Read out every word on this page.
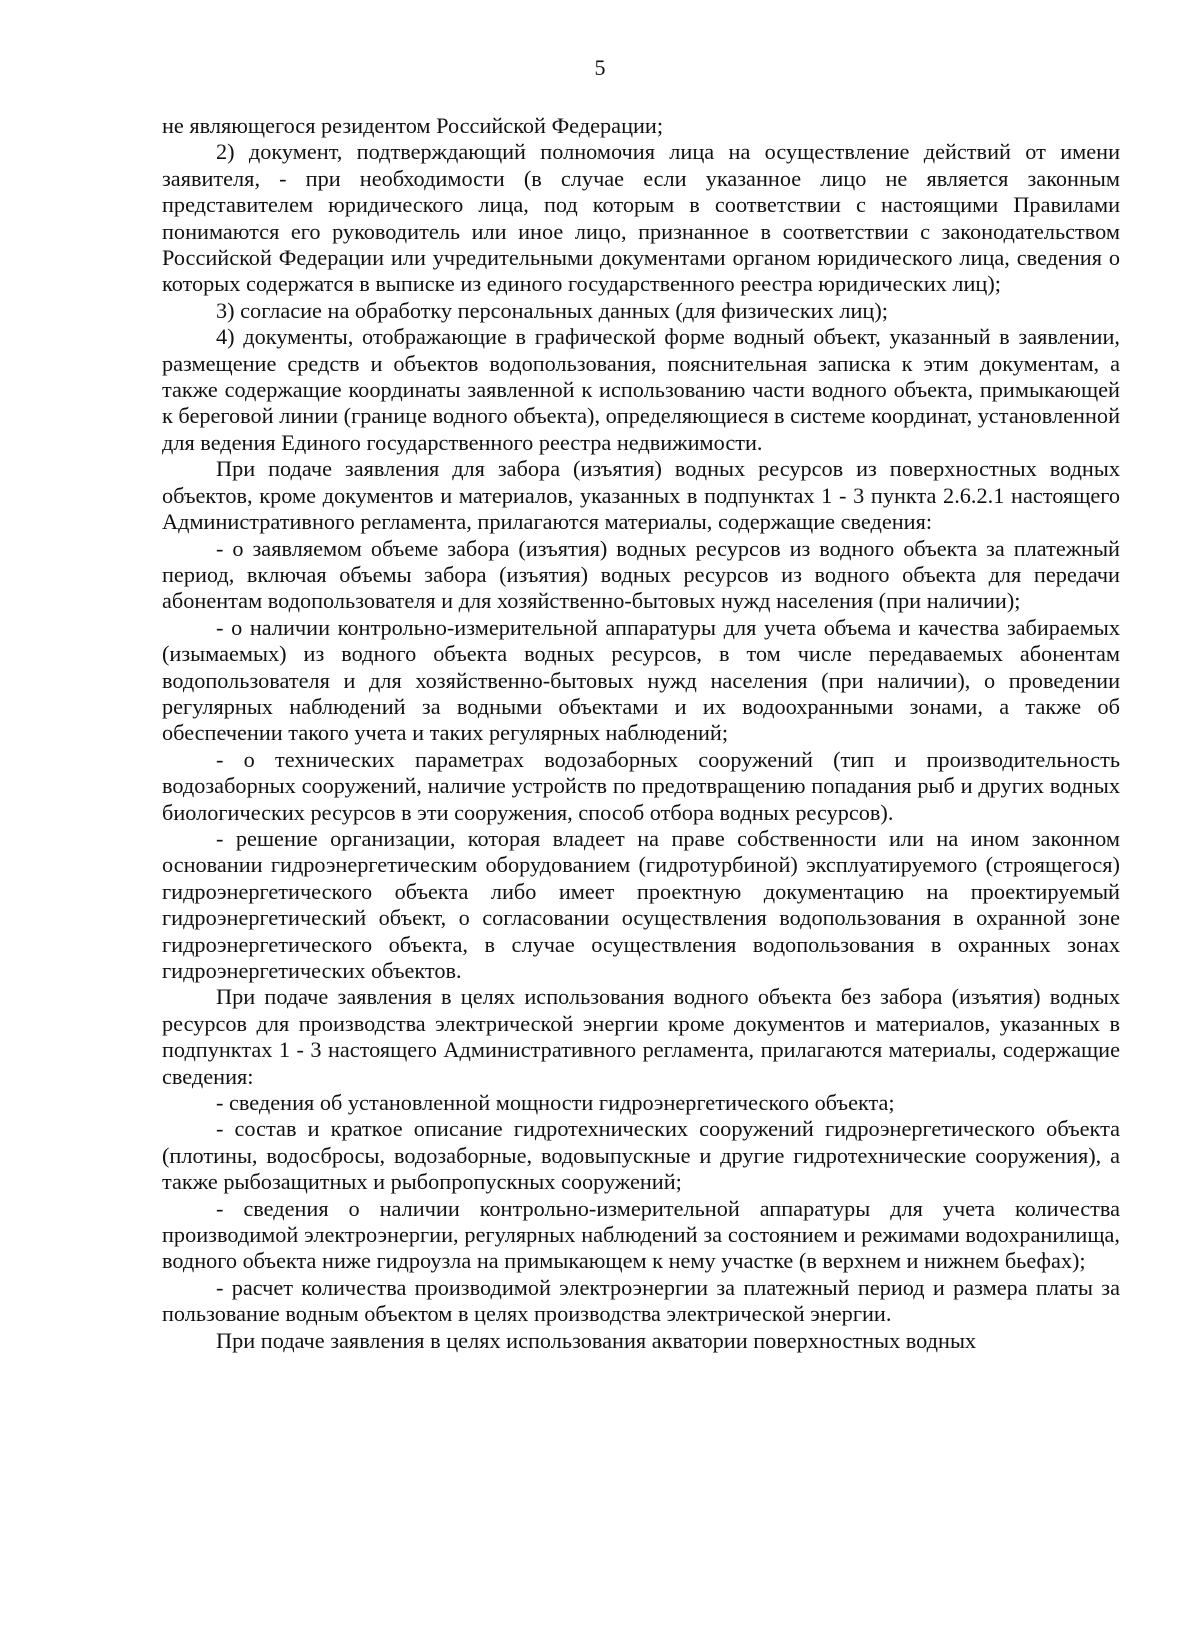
5

не являющегося резидентом Российской Федерации;

2) документ, подтверждающий полномочия лица на осуществление действий от имени заявителя, - при необходимости (в случае если указанное лицо не является законным представителем юридического лица, под которым в соответствии с настоящими Правилами понимаются его руководитель или иное лицо, признанное в соответствии с законодательством Российской Федерации или учредительными документами органом юридического лица, сведения о которых содержатся в выписке из единого государственного реестра юридических лиц);

3) согласие на обработку персональных данных (для физических лиц);

4) документы, отображающие в графической форме водный объект, указанный в заявлении, размещение средств и объектов водопользования, пояснительная записка к этим документам, а также содержащие координаты заявленной к использованию части водного объекта, примыкающей к береговой линии (границе водного объекта), определяющиеся в системе координат, установленной для ведения Единого государственного реестра недвижимости.

При подаче заявления для забора (изъятия) водных ресурсов из поверхностных водных объектов, кроме документов и материалов, указанных в подпунктах 1 - 3 пункта 2.6.2.1 настоящего Административного регламента, прилагаются материалы, содержащие сведения:

- о заявляемом объеме забора (изъятия) водных ресурсов из водного объекта за платежный период, включая объемы забора (изъятия) водных ресурсов из водного объекта для передачи абонентам водопользователя и для хозяйственно-бытовых нужд населения (при наличии);

- о наличии контрольно-измерительной аппаратуры для учета объема и качества забираемых (изымаемых) из водного объекта водных ресурсов, в том числе передаваемых абонентам водопользователя и для хозяйственно-бытовых нужд населения (при наличии), о проведении регулярных наблюдений за водными объектами и их водоохранными зонами, а также об обеспечении такого учета и таких регулярных наблюдений;

- о технических параметрах водозаборных сооружений (тип и производительность водозаборных сооружений, наличие устройств по предотвращению попадания рыб и других водных биологических ресурсов в эти сооружения, способ отбора водных ресурсов).

- решение организации, которая владеет на праве собственности или на ином законном основании гидроэнергетическим оборудованием (гидротурбиной) эксплуатируемого (строящегося) гидроэнергетического объекта либо имеет проектную документацию на проектируемый гидроэнергетический объект, о согласовании осуществления водопользования в охранной зоне гидроэнергетического объекта, в случае осуществления водопользования в охранных зонах гидроэнергетических объектов.

При подаче заявления в целях использования водного объекта без забора (изъятия) водных ресурсов для производства электрической энергии кроме документов и материалов, указанных в подпунктах 1 - 3 настоящего Административного регламента, прилагаются материалы, содержащие сведения:

- сведения об установленной мощности гидроэнергетического объекта;

- состав и краткое описание гидротехнических сооружений гидроэнергетического объекта (плотины, водосбросы, водозаборные, водовыпускные и другие гидротехнические сооружения), а также рыбозащитных и рыбопропускных сооружений;

- сведения о наличии контрольно-измерительной аппаратуры для учета количества производимой электроэнергии, регулярных наблюдений за состоянием и режимами водохранилища, водного объекта ниже гидроузла на примыкающем к нему участке (в верхнем и нижнем бьефах);

- расчет количества производимой электроэнергии за платежный период и размера платы за пользование водным объектом в целях производства электрической энергии.

При подаче заявления в целях использования акватории поверхностных водных
